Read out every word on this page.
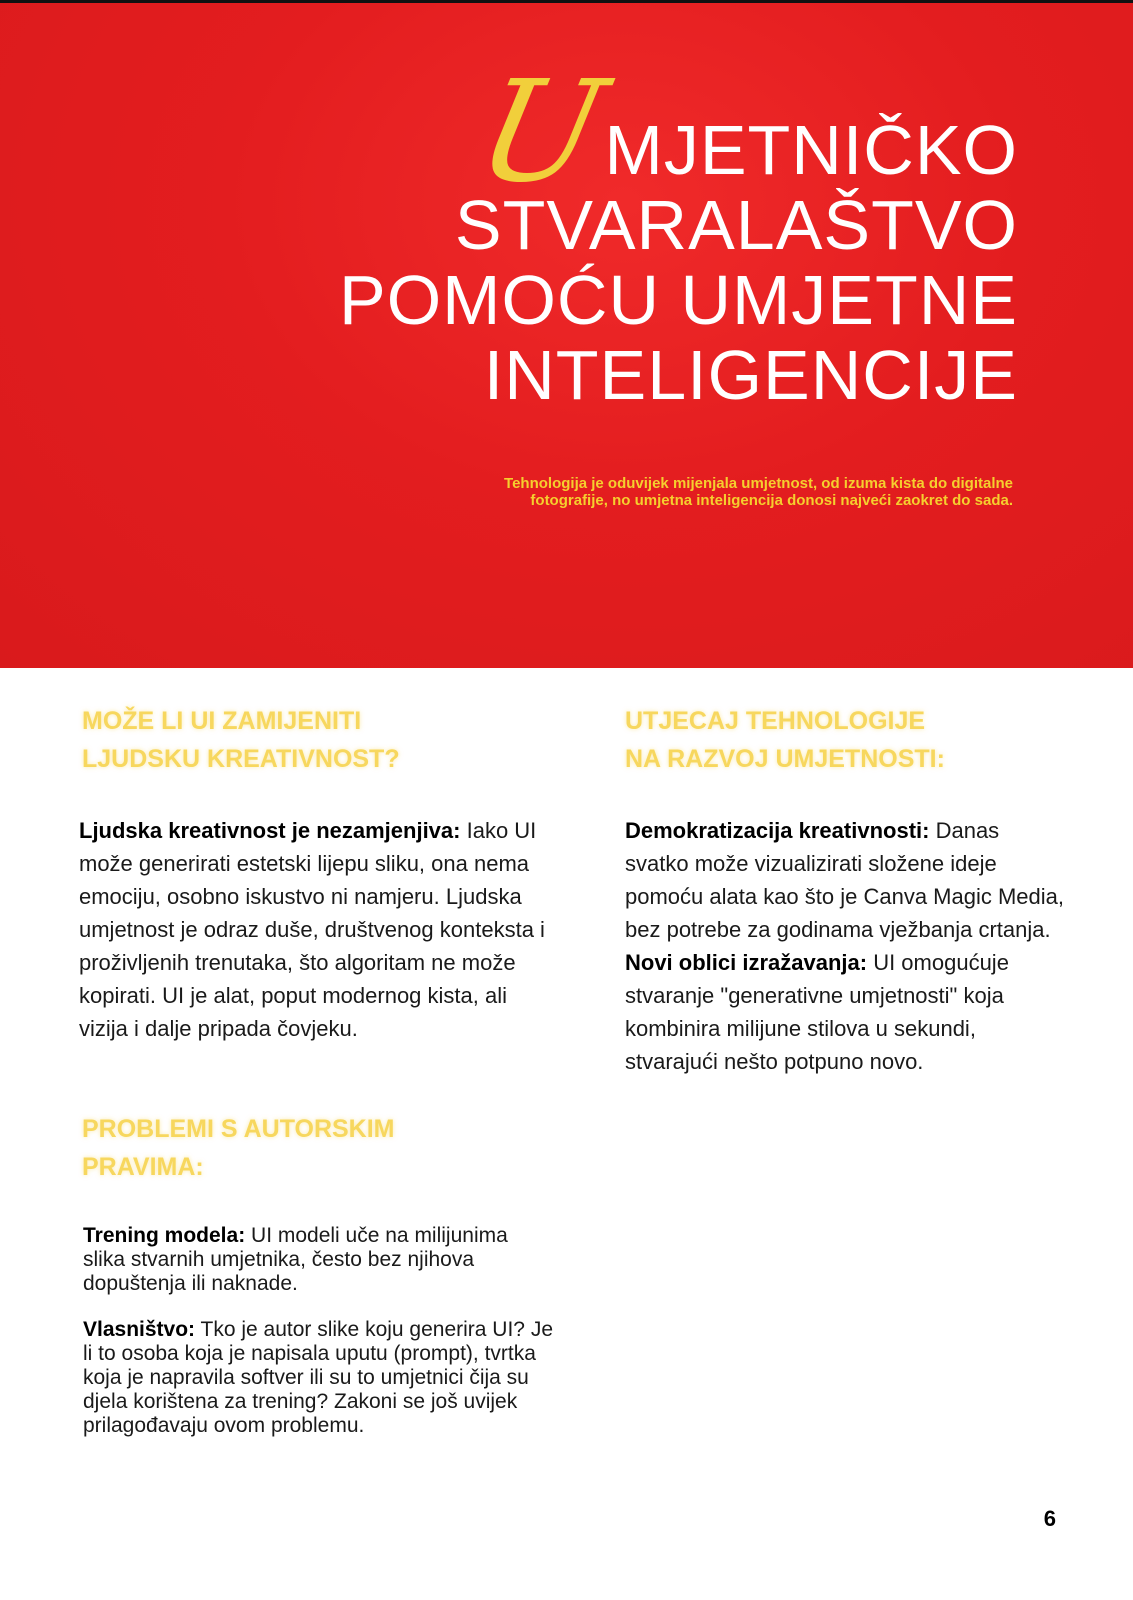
UMJETNIČKO
STVARALAŠTVO
POMOĆU UMJETNE
INTELIGENCIJE
Tehnologija je oduvijek mijenjala umjetnost, od izuma kista do digitalne fotografije, no umjetna inteligencija donosi najveći zaokret do sada.
MOŽE LI UI ZAMIJENITI
LJUDSKU KREATIVNOST?
Ljudska kreativnost je nezamjenjiva: Iako UI može generirati estetski lijepu sliku, ona nema emociju, osobno iskustvo ni namjeru. Ljudska umjetnost je odraz duše, društvenog konteksta i proživljenih trenutaka, što algoritam ne može kopirati. UI je alat, poput modernog kista, ali vizija i dalje pripada čovjeku.
PROBLEMI S AUTORSKIM
PRAVIMA:
Trening modela: UI modeli uče na milijunima slika stvarnih umjetnika, često bez njihova dopuštenja ili naknade.
Vlasništvo: Tko je autor slike koju generira UI? Je li to osoba koja je napisala uputu (prompt), tvrtka koja je napravila softver ili su to umjetnici čija su djela korištena za trening? Zakoni se još uvijek prilagođavaju ovom problemu.
UTJECAJ TEHNOLOGIJE
NA RAZVOJ UMJETNOSTI:
Demokratizacija kreativnosti: Danas svatko može vizualizirati složene ideje pomoću alata kao što je Canva Magic Media, bez potrebe za godinama vježbanja crtanja.
Novi oblici izražavanja: UI omogućuje stvaranje "generativne umjetnosti" koja kombinira milijune stilova u sekundi, stvarajući nešto potpuno novo.
6
